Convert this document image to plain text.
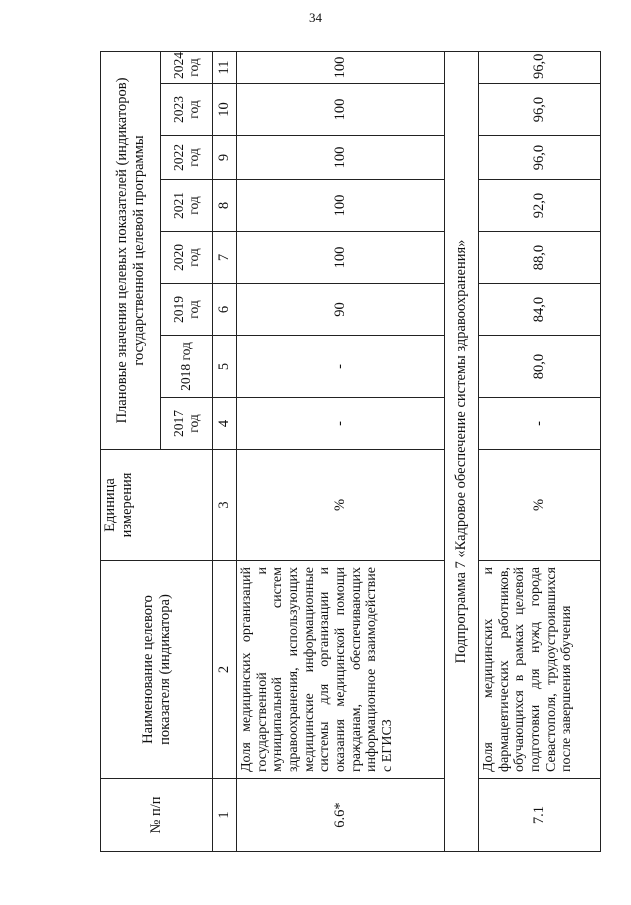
34
№ п/п	Наименование целевого показателя (индикатора)	Единица измерения	Плановые значения целевых показателей (индикаторов) государственной целевой программы							
			2017 год	2018 год	2019 год	2020 год	2021 год	2022 год	2023 год	2024 год
1	2	3	4	5	6	7	8	9	10	11
6.6*	Доля медицинских организаций государственной и муниципальной систем здравоохранения, использующих медицинские информационные системы для организации и оказания медицинской помощи гражданам, обеспечивающих информационное взаимодействие с ЕГИСЗ	%	-	-	90	100	100	100	100	100
Подпрограмма 7 «Кадровое обеспечение системы здравоохранения»										
7.1	Доля медицинских и фармацевтических работников, обучающихся в рамках целевой подготовки для нужд города Севастополя, трудоустроившихся после завершения обучения	%	-	80,0	84,0	88,0	92,0	96,0	96,0	96,0
